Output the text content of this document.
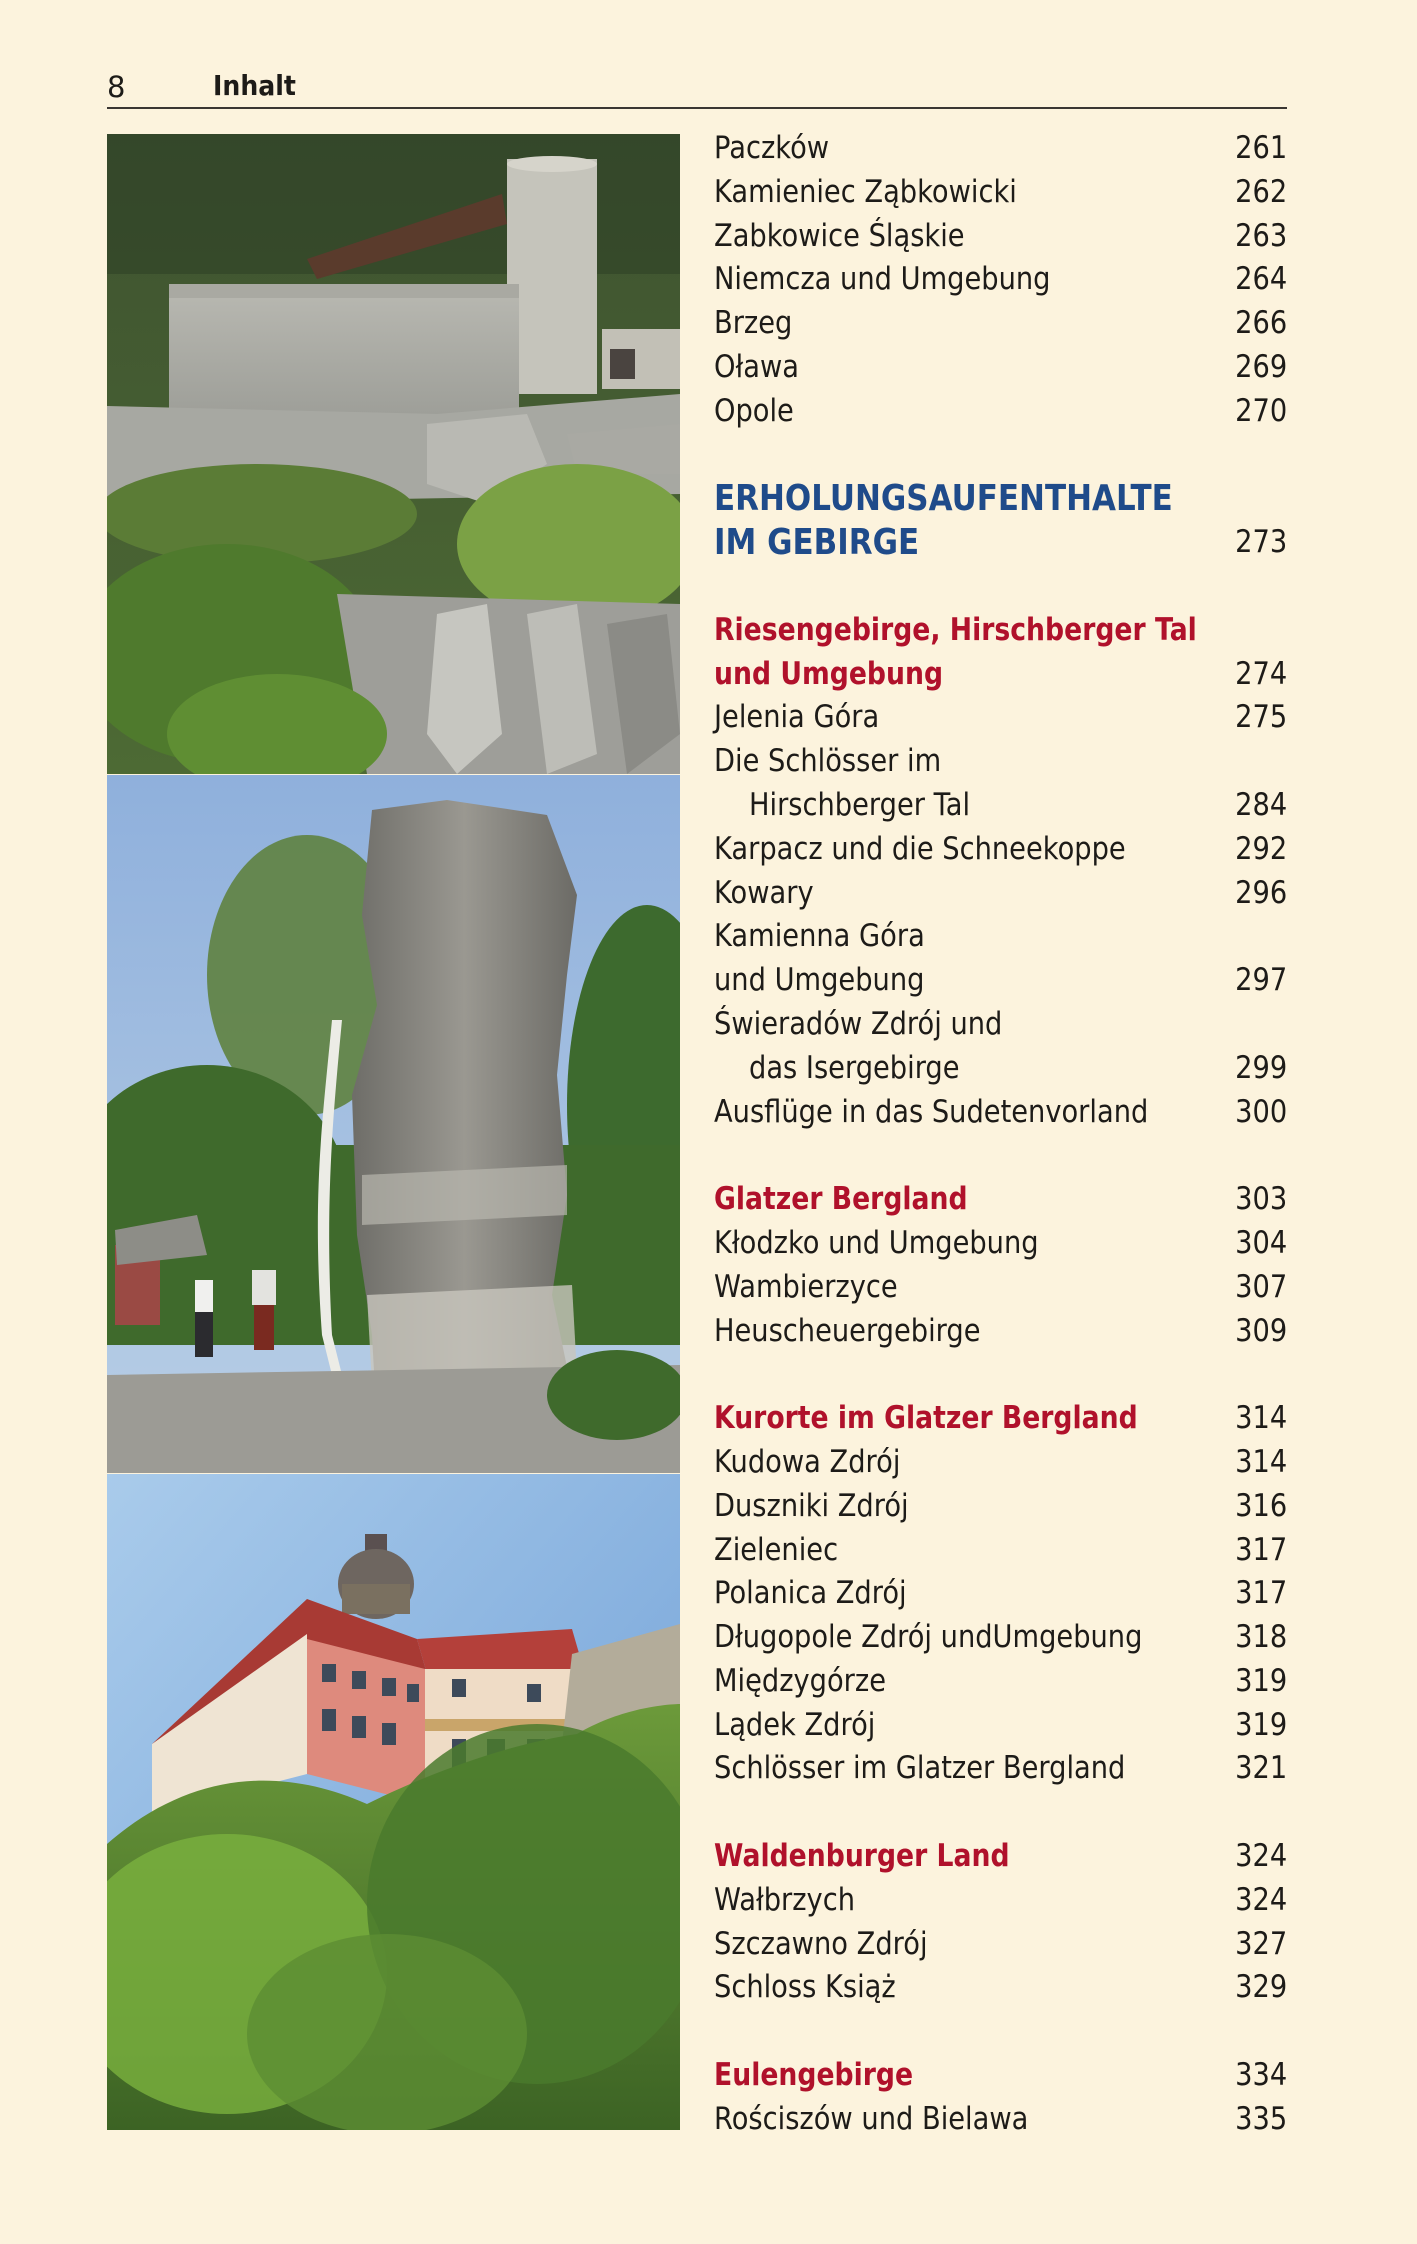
8	Inhalt
Paczków	261
Kamieniec Ząbkowicki	262
Zabkowice Śląskie	263
Niemcza und Umgebung	264
Brzeg	266
Oława	269
Opole	270
ERHOLUNGSAUFENTHALTE
IM GEBIRGE	273
Riesengebirge, Hirschberger Tal
und Umgebung	274
Jelenia Góra	275
Die Schlösser im
Hirschberger Tal	284
Karpacz und die Schneekoppe	292
Kowary	296
Kamienna Góra
und Umgebung	297
Świeradów Zdrój und
das Isergebirge	299
Ausflüge in das Sudetenvorland	300
Glatzer Bergland	303
Kłodzko und Umgebung	304
Wambierzyce	307
Heuscheuergebirge	309
Kurorte im Glatzer Bergland	314
Kudowa Zdrój	314
Duszniki Zdrój	316
Zieleniec	317
Polanica Zdrój	317
Długopole Zdrój undUmgebung	318
Międzygórze	319
Lądek Zdrój	319
Schlösser im Glatzer Bergland	321
Waldenburger Land	324
Wałbrzych	324
Szczawno Zdrój	327
Schloss Książ	329
Eulengebirge	334
Rościszów und Bielawa	335
